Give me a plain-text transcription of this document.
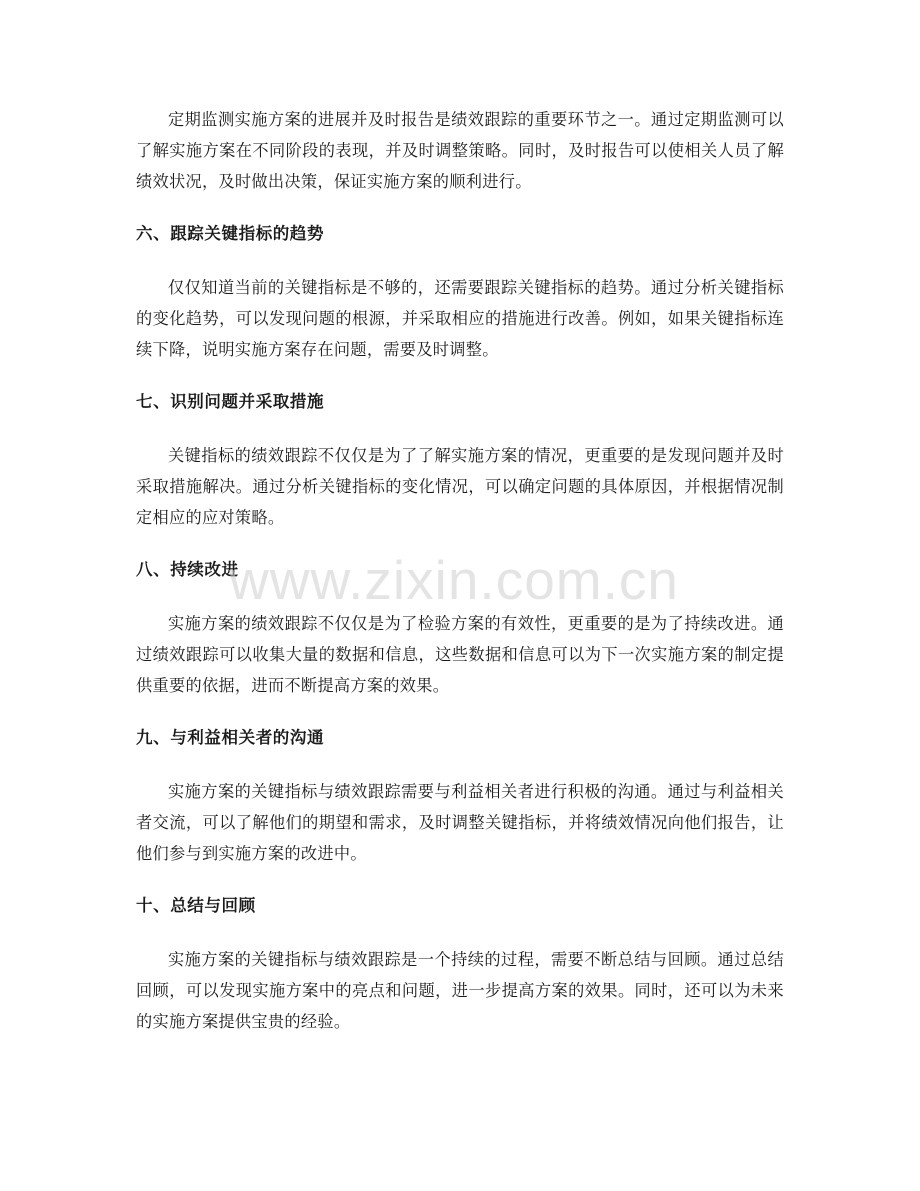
定期监测实施方案的进展并及时报告是绩效跟踪的重要环节之一。通过定期监测可以了解实施方案在不同阶段的表现，并及时调整策略。同时，及时报告可以使相关人员了解绩效状况，及时做出决策，保证实施方案的顺利进行。

六、跟踪关键指标的趋势

仅仅知道当前的关键指标是不够的，还需要跟踪关键指标的趋势。通过分析关键指标的变化趋势，可以发现问题的根源，并采取相应的措施进行改善。例如，如果关键指标连续下降，说明实施方案存在问题，需要及时调整。

七、识别问题并采取措施

关键指标的绩效跟踪不仅仅是为了了解实施方案的情况，更重要的是发现问题并及时采取措施解决。通过分析关键指标的变化情况，可以确定问题的具体原因，并根据情况制定相应的应对策略。

八、持续改进

实施方案的绩效跟踪不仅仅是为了检验方案的有效性，更重要的是为了持续改进。通过绩效跟踪可以收集大量的数据和信息，这些数据和信息可以为下一次实施方案的制定提供重要的依据，进而不断提高方案的效果。

九、与利益相关者的沟通

实施方案的关键指标与绩效跟踪需要与利益相关者进行积极的沟通。通过与利益相关者交流，可以了解他们的期望和需求，及时调整关键指标，并将绩效情况向他们报告，让他们参与到实施方案的改进中。

十、总结与回顾

实施方案的关键指标与绩效跟踪是一个持续的过程，需要不断总结与回顾。通过总结回顾，可以发现实施方案中的亮点和问题，进一步提高方案的效果。同时，还可以为未来的实施方案提供宝贵的经验。

www.zixin.com.cn
